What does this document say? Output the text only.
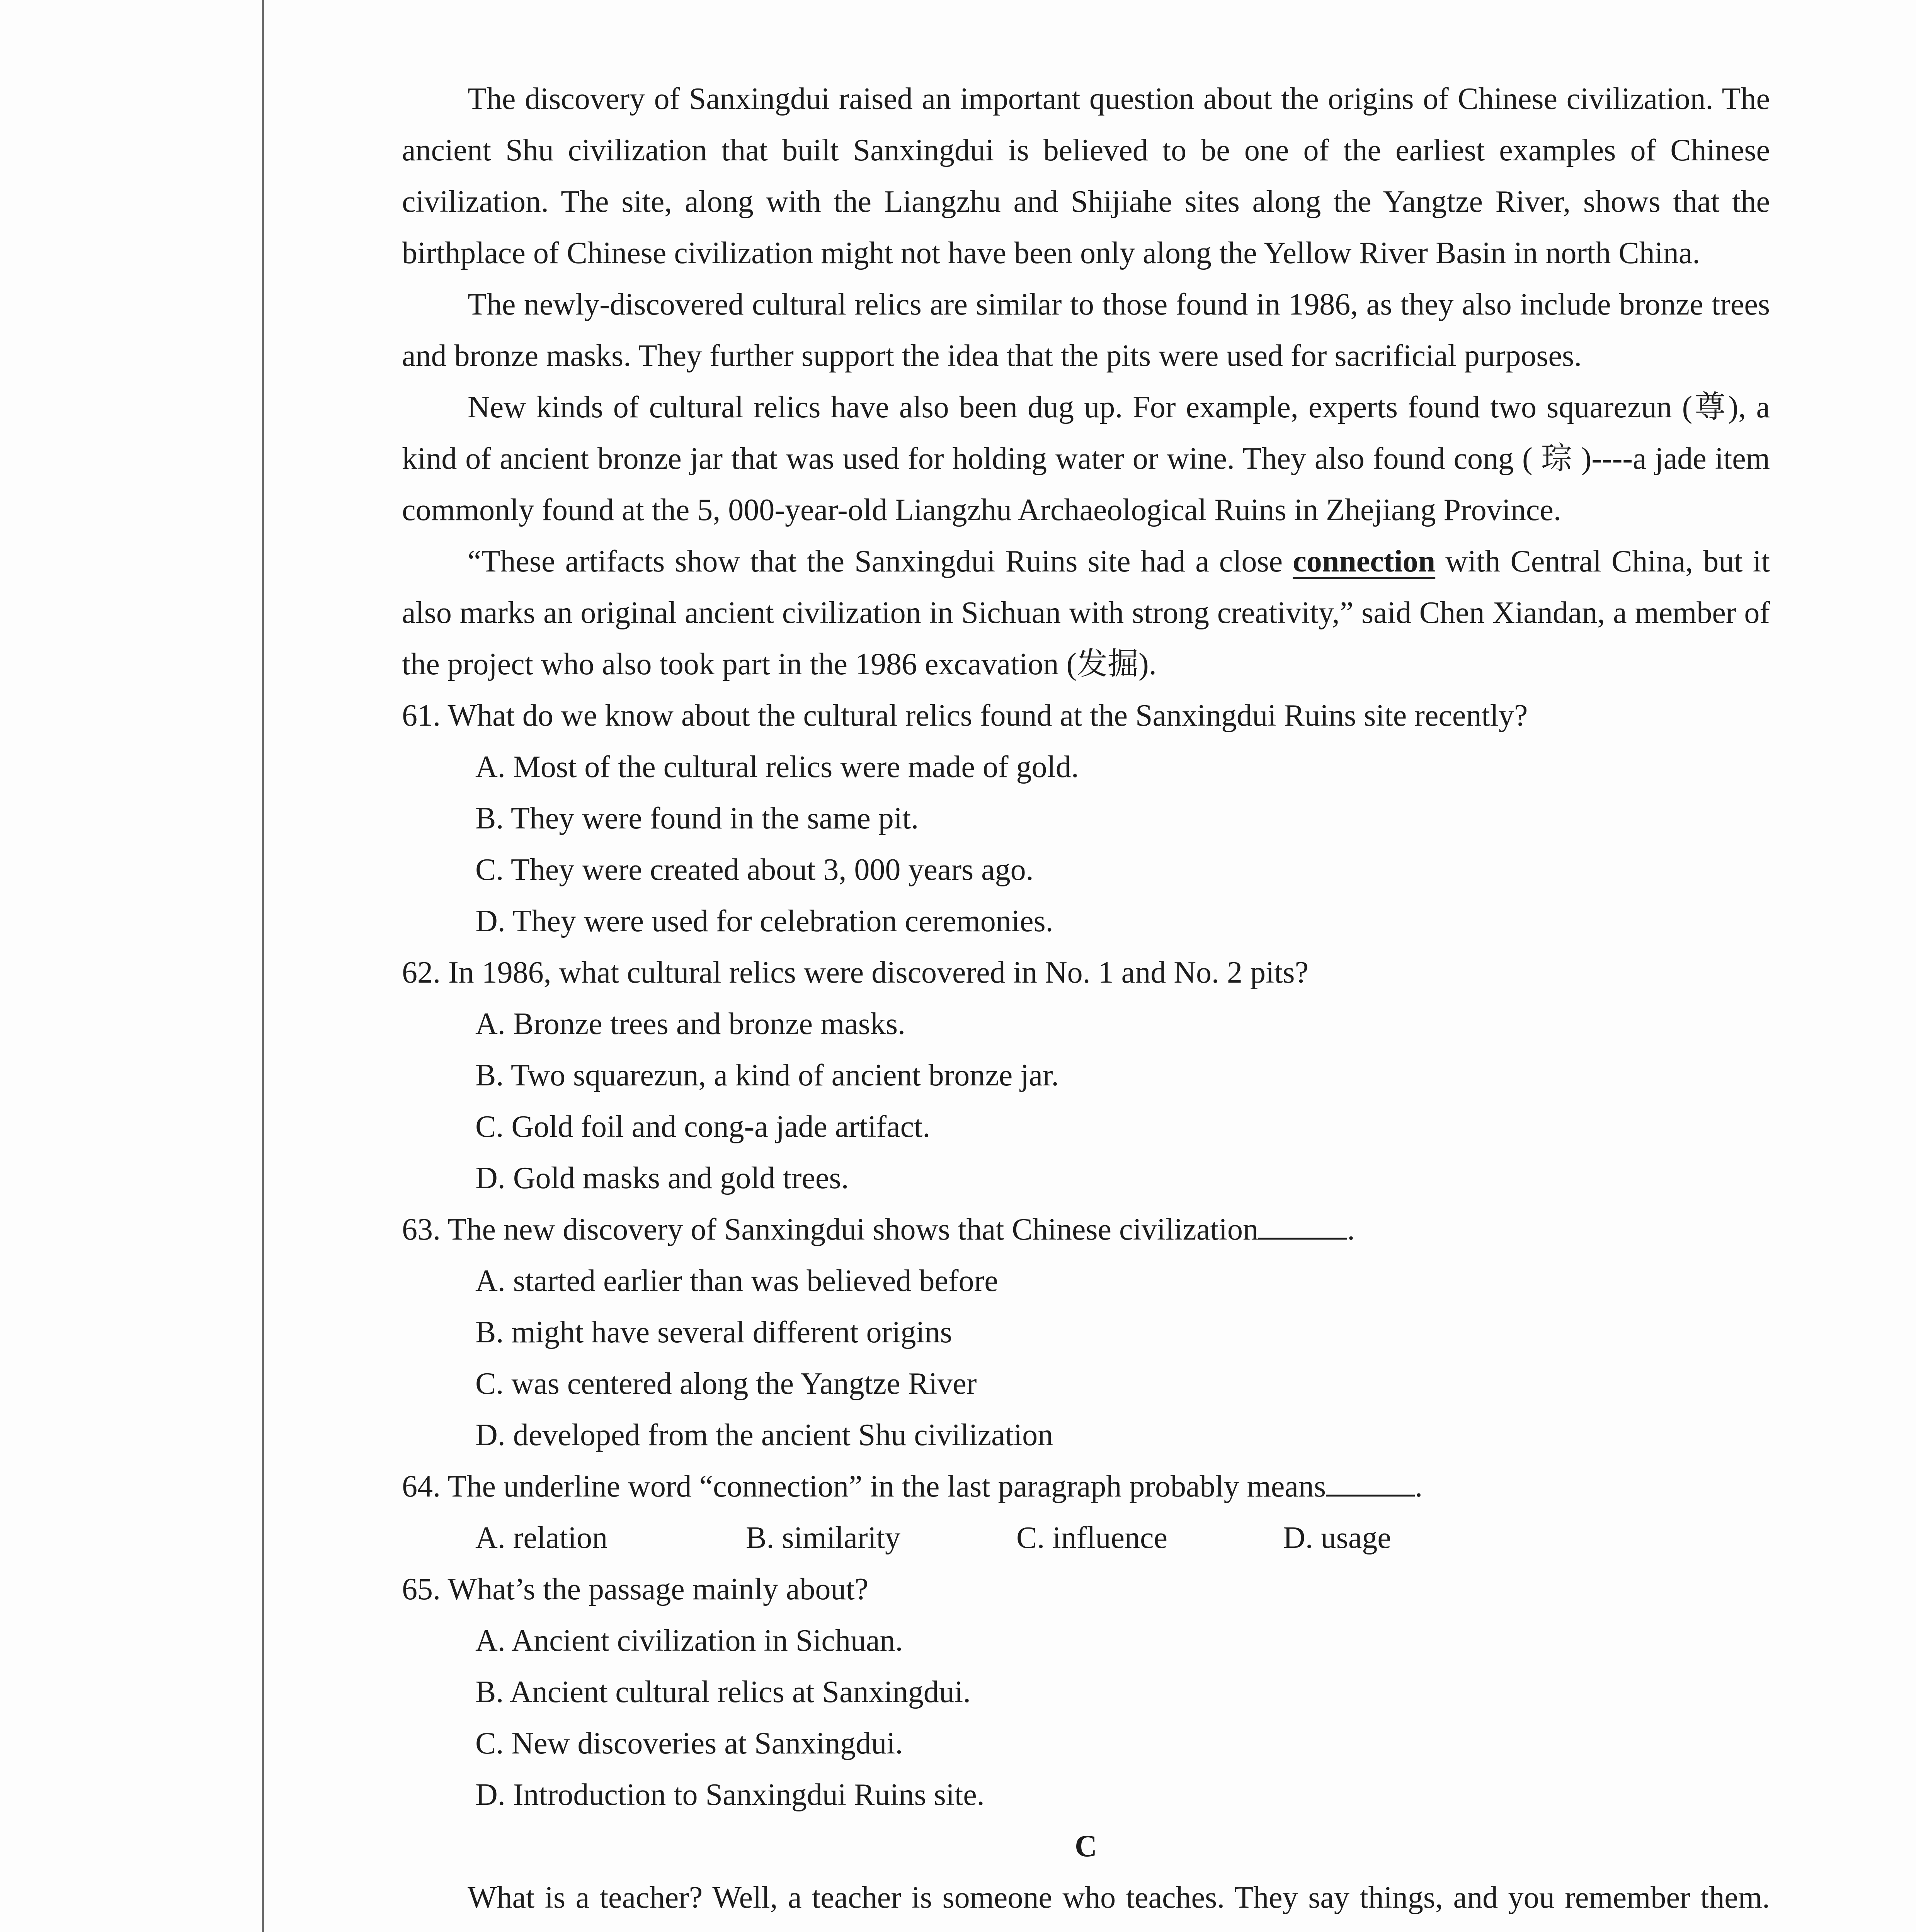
The discovery of Sanxingdui raised an important question about the origins of Chinese civilization. The ancient Shu civilization that built Sanxingdui is believed to be one of the earliest examples of Chinese civilization. The site, along with the Liangzhu and Shijiahe sites along the Yangtze River, shows that the birthplace of Chinese civilization might not have been only along the Yellow River Basin in north China.

The newly-discovered cultural relics are similar to those found in 1986, as they also include bronze trees and bronze masks. They further support the idea that the pits were used for sacrificial purposes.

New kinds of cultural relics have also been dug up. For example, experts found two squarezun (尊), a kind of ancient bronze jar that was used for holding water or wine. They also found cong ( 琮 )----a jade item commonly found at the 5, 000-year-old Liangzhu Archaeological Ruins in Zhejiang Province.

“These artifacts show that the Sanxingdui Ruins site had a close connection with Central China, but it also marks an original ancient civilization in Sichuan with strong creativity,” said Chen Xiandan, a member of the project who also took part in the 1986 excavation (发掘).

61. What do we know about the cultural relics found at the Sanxingdui Ruins site recently?

A. Most of the cultural relics were made of gold.

B. They were found in the same pit.

C. They were created about 3, 000 years ago.

D. They were used for celebration ceremonies.

62. In 1986, what cultural relics were discovered in No. 1 and No. 2 pits?

A. Bronze trees and bronze masks.

B. Two squarezun, a kind of ancient bronze jar.

C. Gold foil and cong-a jade artifact.

D. Gold masks and gold trees.

63. The new discovery of Sanxingdui shows that Chinese civilization	.

A. started earlier than was believed before

B. might have several different origins

C. was centered along the Yangtze River

D. developed from the ancient Shu civilization

64. The underline word “connection” in the last paragraph probably means	.

A. relation	B. similarity	C. influence	D. usage

65. What’s the passage mainly about?

A. Ancient civilization in Sichuan.

B. Ancient cultural relics at Sanxingdui.

C. New discoveries at Sanxingdui.

D. Introduction to Sanxingdui Ruins site.

C

What is a teacher? Well, a teacher is someone who teaches. They say things, and you remember them.
